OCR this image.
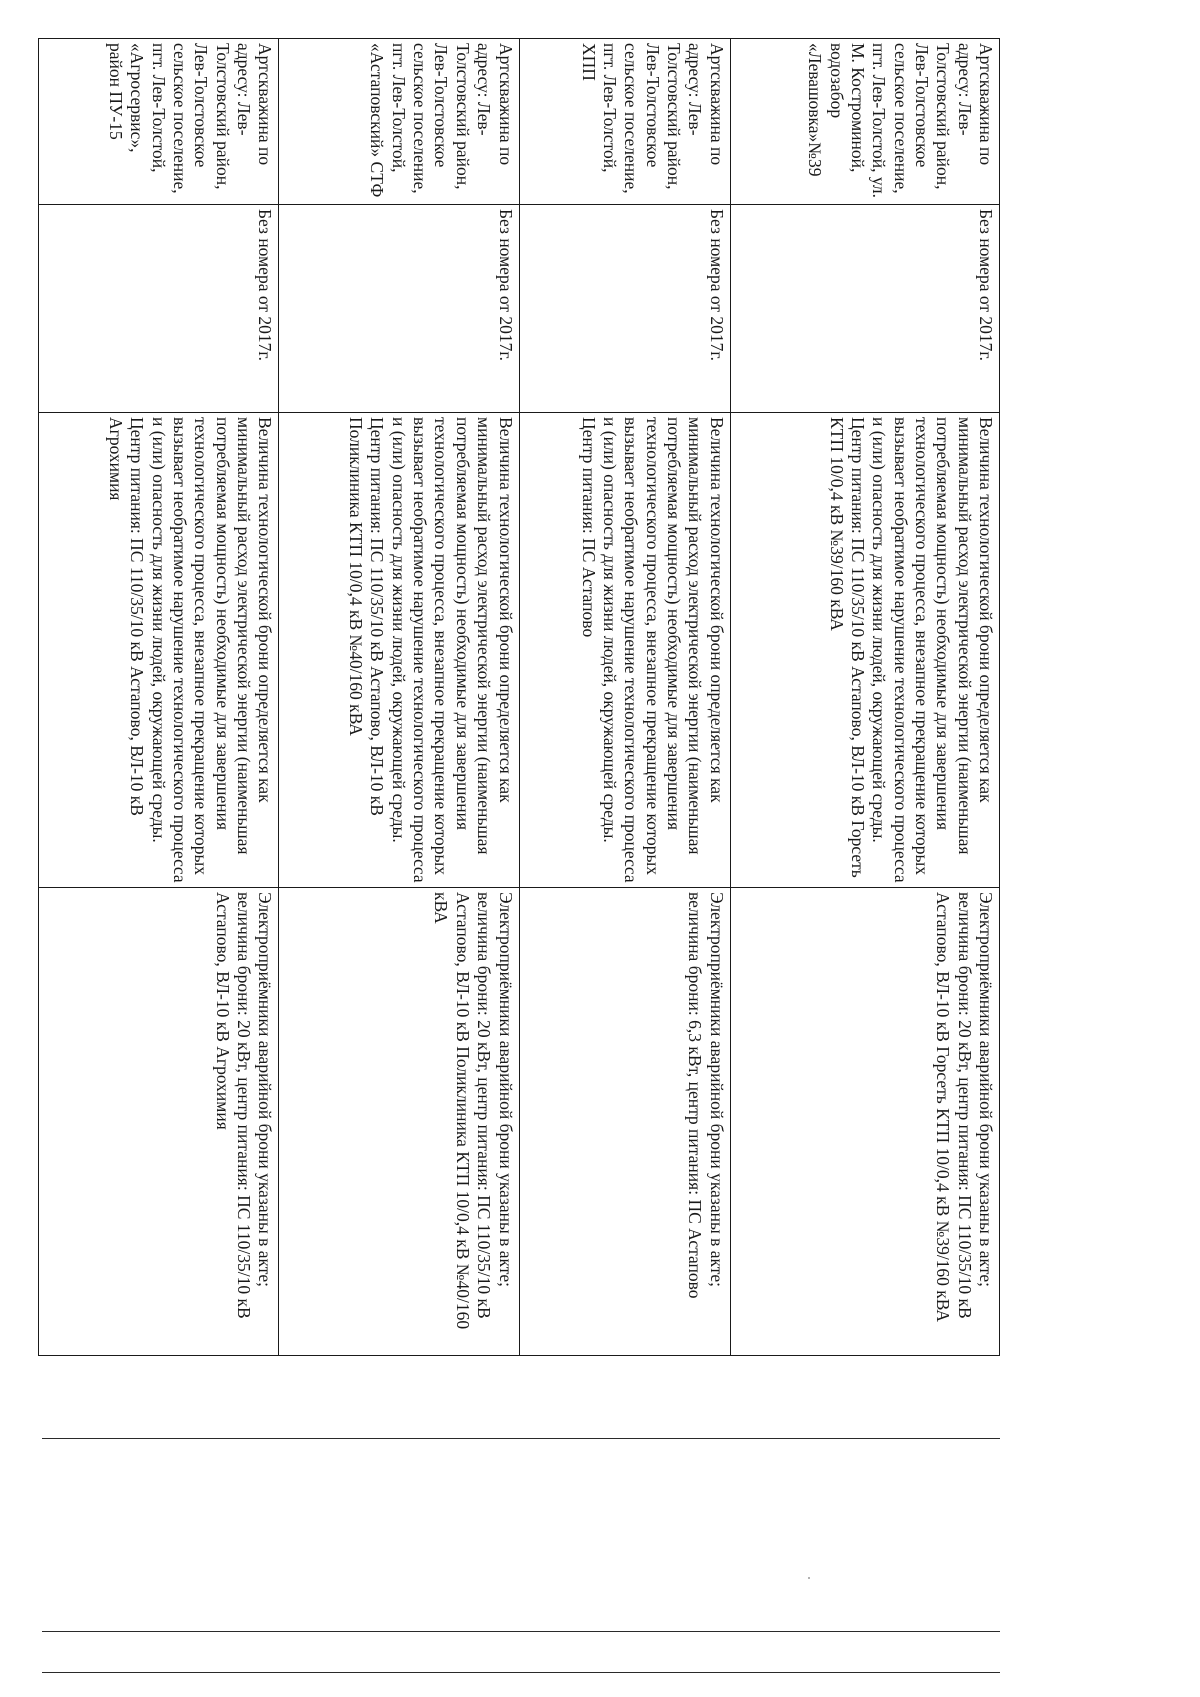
Артскважина по адресу: Лев-Толстовский район, Лев-Толстовское сельское поселение, пгт. Лев-Толстой, ул. М. Костроминой, водозабор «Левашовка»№39	Без номера от 2017г.	Величина технологической брони определяется как минимальный расход электрической энергии (наименьшая потребляемая мощность) необходимые для завершения технологического процесса, внезапное прекращение которых вызывает необратимое нарушение технологического процесса и (или) опасность для жизни людей, окружающей среды. Центр питания: ПС 110/35/10 кВ Астапово, ВЛ-10 кВ Горсеть КТП 10/0,4 кВ №39/160 кВА	Электроприёмники аварийной брони указаны в акте; величина брони: 20 кВт, центр питания: ПС 110/35/10 кВ Астапово, ВЛ-10 кВ Горсеть КТП 10/0,4 кВ №39/160 кВА

Артскважина по адресу: Лев-Толстовский район, Лев-Толстовское сельское поселение, пгт. Лев-Толстой, ХПП	Без номера от 2017г.	Величина технологической брони определяется как минимальный расход электрической энергии (наименьшая потребляемая мощность) необходимые для завершения технологического процесса, внезапное прекращение которых вызывает необратимое нарушение технологического процесса и (или) опасность для жизни людей, окружающей среды. Центр питания: ПС Астапово	Электроприёмники аварийной брони указаны в акте; величина брони: 6,3 кВт, центр питания: ПС Астапово

Артскважина по адресу: Лев-Толстовский район, Лев-Толстовское сельское поселение, пгт. Лев-Толстой, «Астаповский» СТФ	Без номера от 2017г.	Величина технологической брони определяется как минимальный расход электрической энергии (наименьшая потребляемая мощность) необходимые для завершения технологического процесса, внезапное прекращение которых вызывает необратимое нарушение технологического процесса и (или) опасность для жизни людей, окружающей среды. Центр питания: ПС 110/35/10 кВ Астапово, ВЛ-10 кВ Поликлиника КТП 10/0,4 кВ №40/160 кВА	Электроприёмники аварийной брони указаны в акте; величина брони: 20 кВт, центр питания: ПС 110/35/10 кВ Астапово, ВЛ-10 кВ Поликлиника КТП 10/0,4 кВ №40/160 кВА

Артскважина по адресу: Лев-Толстовский район, Лев-Толстовское сельское поселение, пгт. Лев-Толстой, «Агросервис», район ПУ-15	Без номера от 2017г.	Величина технологической брони определяется как минимальный расход электрической энергии (наименьшая потребляемая мощность) необходимые для завершения технологического процесса, внезапное прекращение которых вызывает необратимое нарушение технологического процесса и (или) опасность для жизни людей, окружающей среды. Центр питания: ПС 110/35/10 кВ Астапово, ВЛ-10 кВ Агрохимия	Электроприёмники аварийной брони указаны в акте; величина брони: 20 кВт, центр питания: ПС 110/35/10 кВ Астапово, ВЛ-10 кВ Агрохимия
